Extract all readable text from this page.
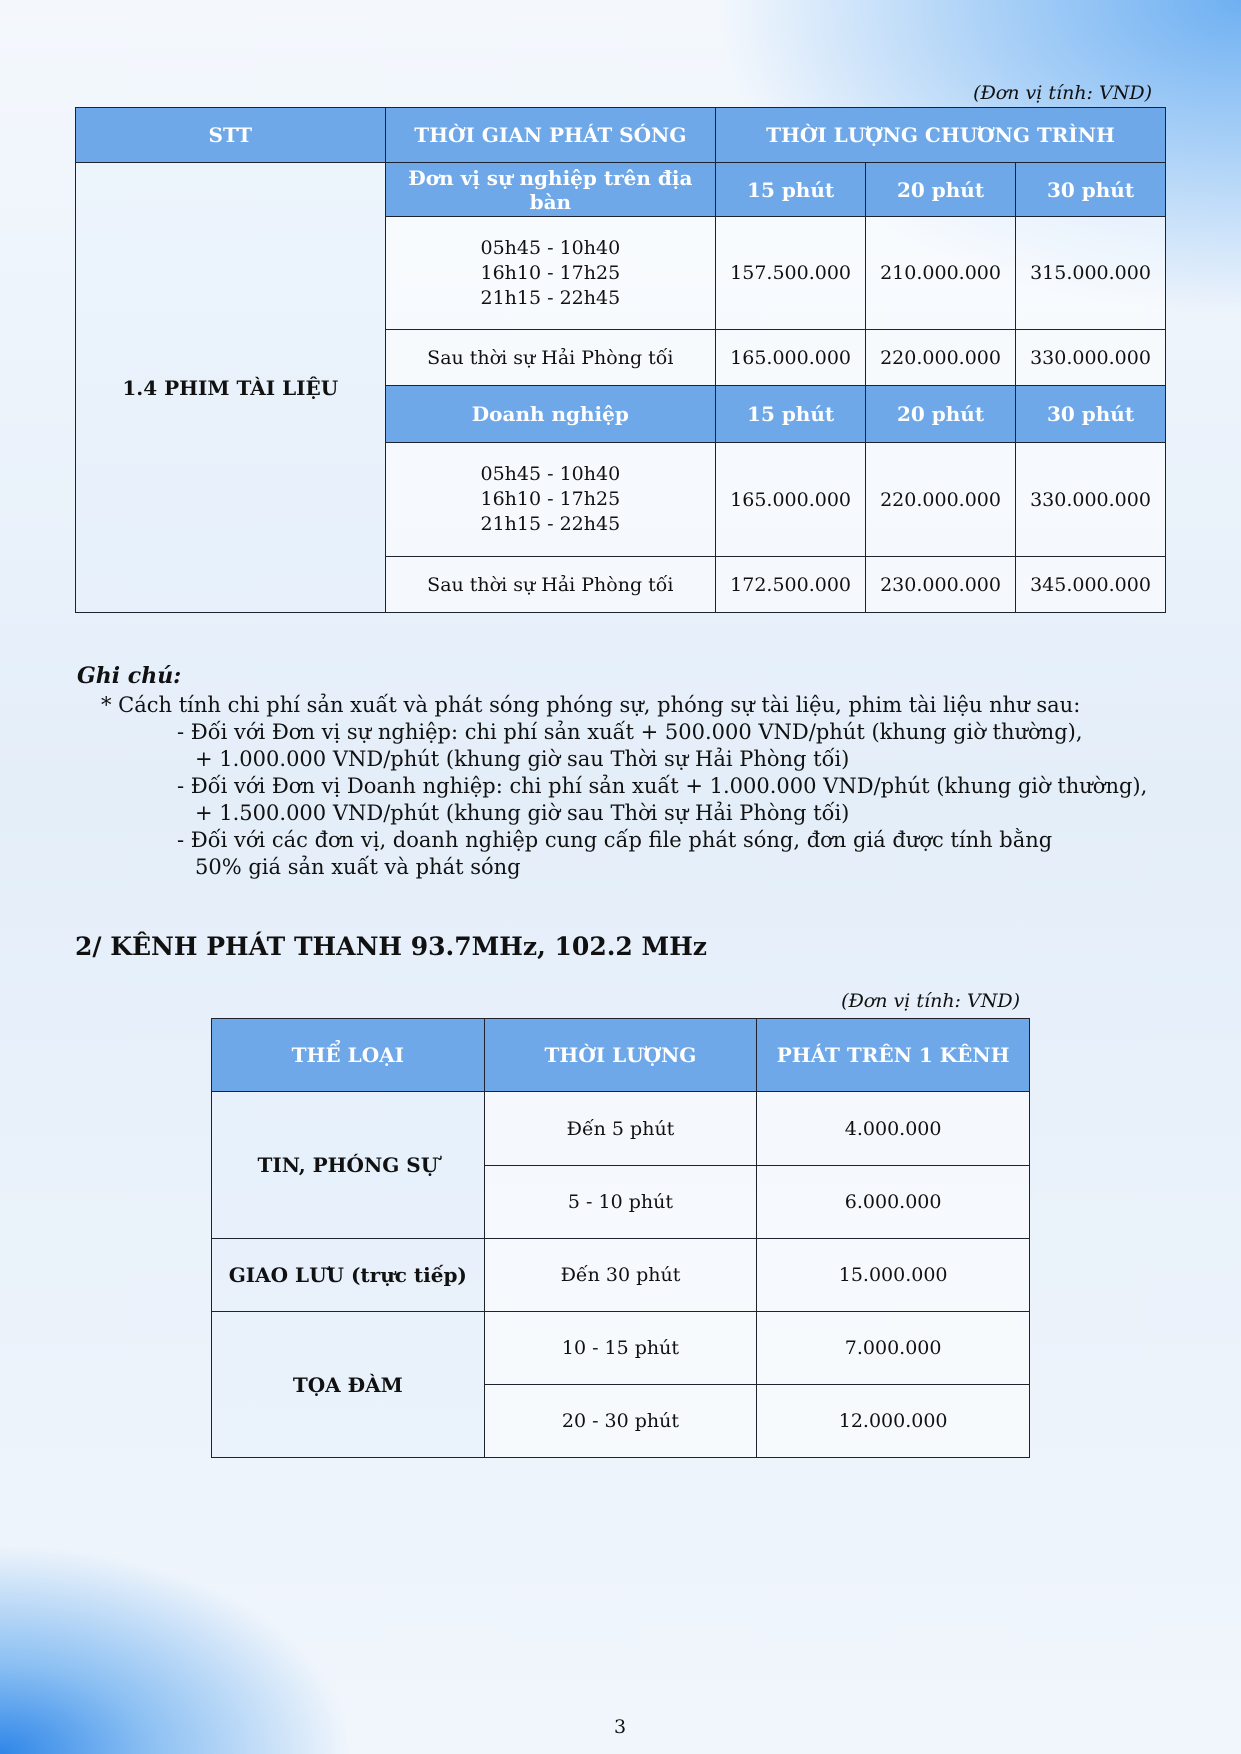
(Đơn vị tính: VND)
STT	THỜI GIAN PHÁT SÓNG	THỜI LƯỢNG CHƯƠNG TRÌNH		
1.4 PHIM TÀI LIỆU	Đơn vị sự nghiệp trên địa bàn	15 phút	20 phút	30 phút

	05h45 - 10h40
16h10 - 17h25
21h15 - 22h45	157.500.000	210.000.000	315.000.000
	Sau thời sự Hải Phòng tối	165.000.000	220.000.000	330.000.000
	Doanh nghiệp	15 phút	20 phút	30 phút

	05h45 - 10h40
16h10 - 17h25
21h15 - 22h45	165.000.000	220.000.000	330.000.000
	Sau thời sự Hải Phòng tối	172.500.000	230.000.000	345.000.000
Ghi chú:
* Cách tính chi phí sản xuất và phát sóng phóng sự, phóng sự tài liệu, phim tài liệu như sau:
- Đối với Đơn vị sự nghiệp: chi phí sản xuất + 500.000 VND/phút (khung giờ thường),
+ 1.000.000 VND/phút (khung giờ sau Thời sự Hải Phòng tối)
- Đối với Đơn vị Doanh nghiệp: chi phí sản xuất + 1.000.000 VND/phút (khung giờ thường),
+ 1.500.000 VND/phút (khung giờ sau Thời sự Hải Phòng tối)
- Đối với các đơn vị, doanh nghiệp cung cấp file phát sóng, đơn giá được tính bằng
50% giá sản xuất và phát sóng
2/ KÊNH PHÁT THANH 93.7MHz, 102.2 MHz
(Đơn vị tính: VND)
THỂ LOẠI	THỜI LƯỢNG	PHÁT TRÊN 1 KÊNH
TIN, PHÓNG SỰ	Đến 5 phút	4.000.000
	5 - 10 phút	6.000.000
GIAO LƯU (trực tiếp)	Đến 30 phút	15.000.000
TỌA ĐÀM	10 - 15 phút	7.000.000
	20 - 30 phút	12.000.000
3
